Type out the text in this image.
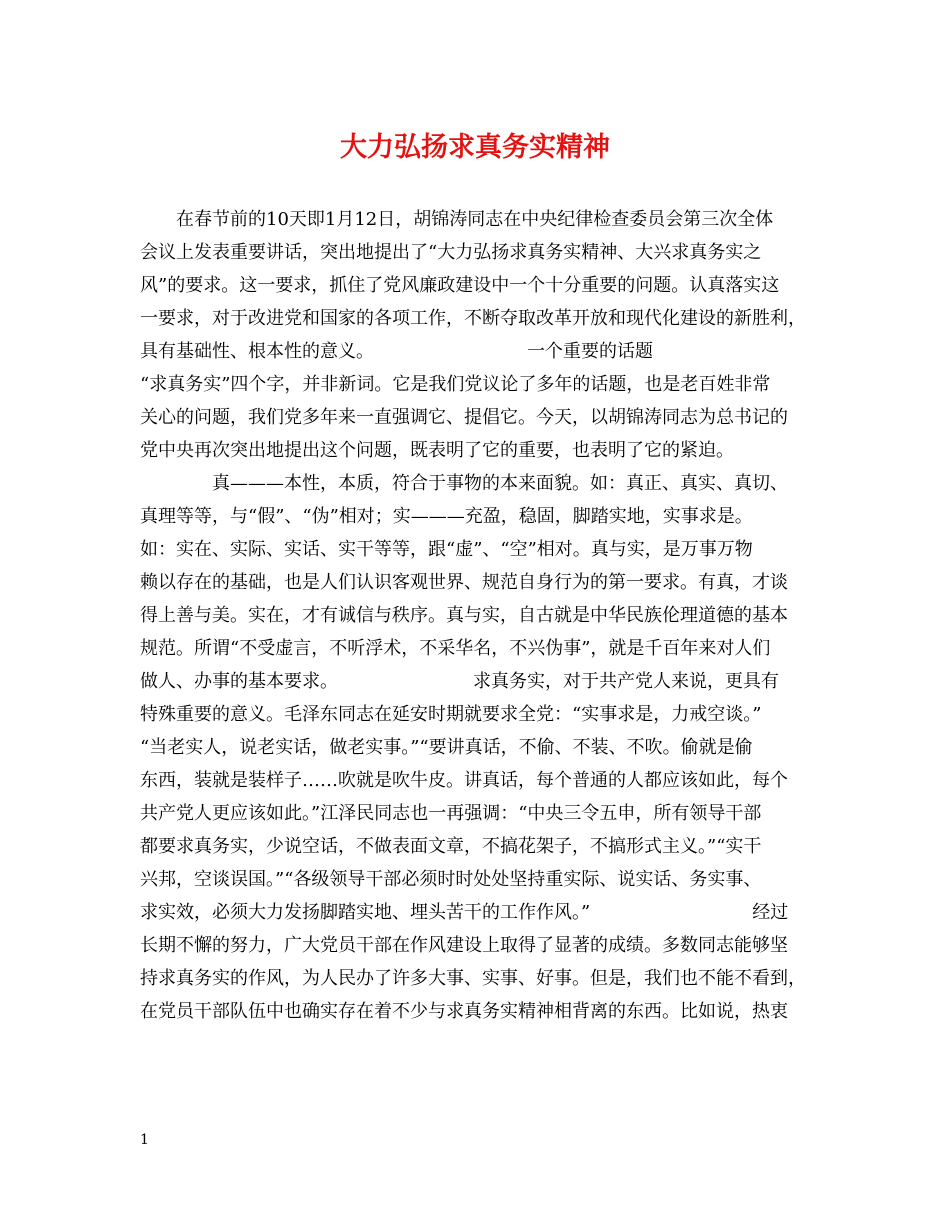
大力弘扬求真务实精神

　　在春节前的10天即1月12日，胡锦涛同志在中央纪律检查委员会第三次全体

会议上发表重要讲话，突出地提出了“大力弘扬求真务实精神、大兴求真务实之

风”的要求。这一要求，抓住了党风廉政建设中一个十分重要的问题。认真落实这

一要求，对于改进党和国家的各项工作，不断夺取改革开放和现代化建设的新胜利，

具有基础性、根本性的意义。　　　　　　　　　一个重要的话题

“求真务实”四个字，并非新词。它是我们党议论了多年的话题，也是老百姓非常

关心的问题，我们党多年来一直强调它、提倡它。今天，以胡锦涛同志为总书记的

党中央再次突出地提出这个问题，既表明了它的重要，也表明了它的紧迫。

　　　　真———本性，本质，符合于事物的本来面貌。如：真正、真实、真切、

真理等等，与“假”、“伪”相对；实———充盈，稳固，脚踏实地，实事求是。

如：实在、实际、实话、实干等等，跟“虚”、“空”相对。真与实，是万事万物

赖以存在的基础，也是人们认识客观世界、规范自身行为的第一要求。有真，才谈

得上善与美。实在，才有诚信与秩序。真与实，自古就是中华民族伦理道德的基本

规范。所谓“不受虚言，不听浮术，不采华名，不兴伪事”，就是千百年来对人们

做人、办事的基本要求。　　　　　　　　求真务实，对于共产党人来说，更具有

特殊重要的意义。毛泽东同志在延安时期就要求全党：“实事求是，力戒空谈。”

“当老实人，说老实话，做老实事。”“要讲真话，不偷、不装、不吹。偷就是偷

东西，装就是装样子……吹就是吹牛皮。讲真话，每个普通的人都应该如此，每个

共产党人更应该如此。”江泽民同志也一再强调：“中央三令五申，所有领导干部

都要求真务实，少说空话，不做表面文章，不搞花架子，不搞形式主义。”“实干

兴邦，空谈误国。”“各级领导干部必须时时处处坚持重实际、说实话、务实事、

求实效，必须大力发扬脚踏实地、埋头苦干的工作作风。”　　　　　　　　　经过

长期不懈的努力，广大党员干部在作风建设上取得了显著的成绩。多数同志能够坚

持求真务实的作风，为人民办了许多大事、实事、好事。但是，我们也不能不看到，

在党员干部队伍中也确实存在着不少与求真务实精神相背离的东西。比如说，热衷

1
